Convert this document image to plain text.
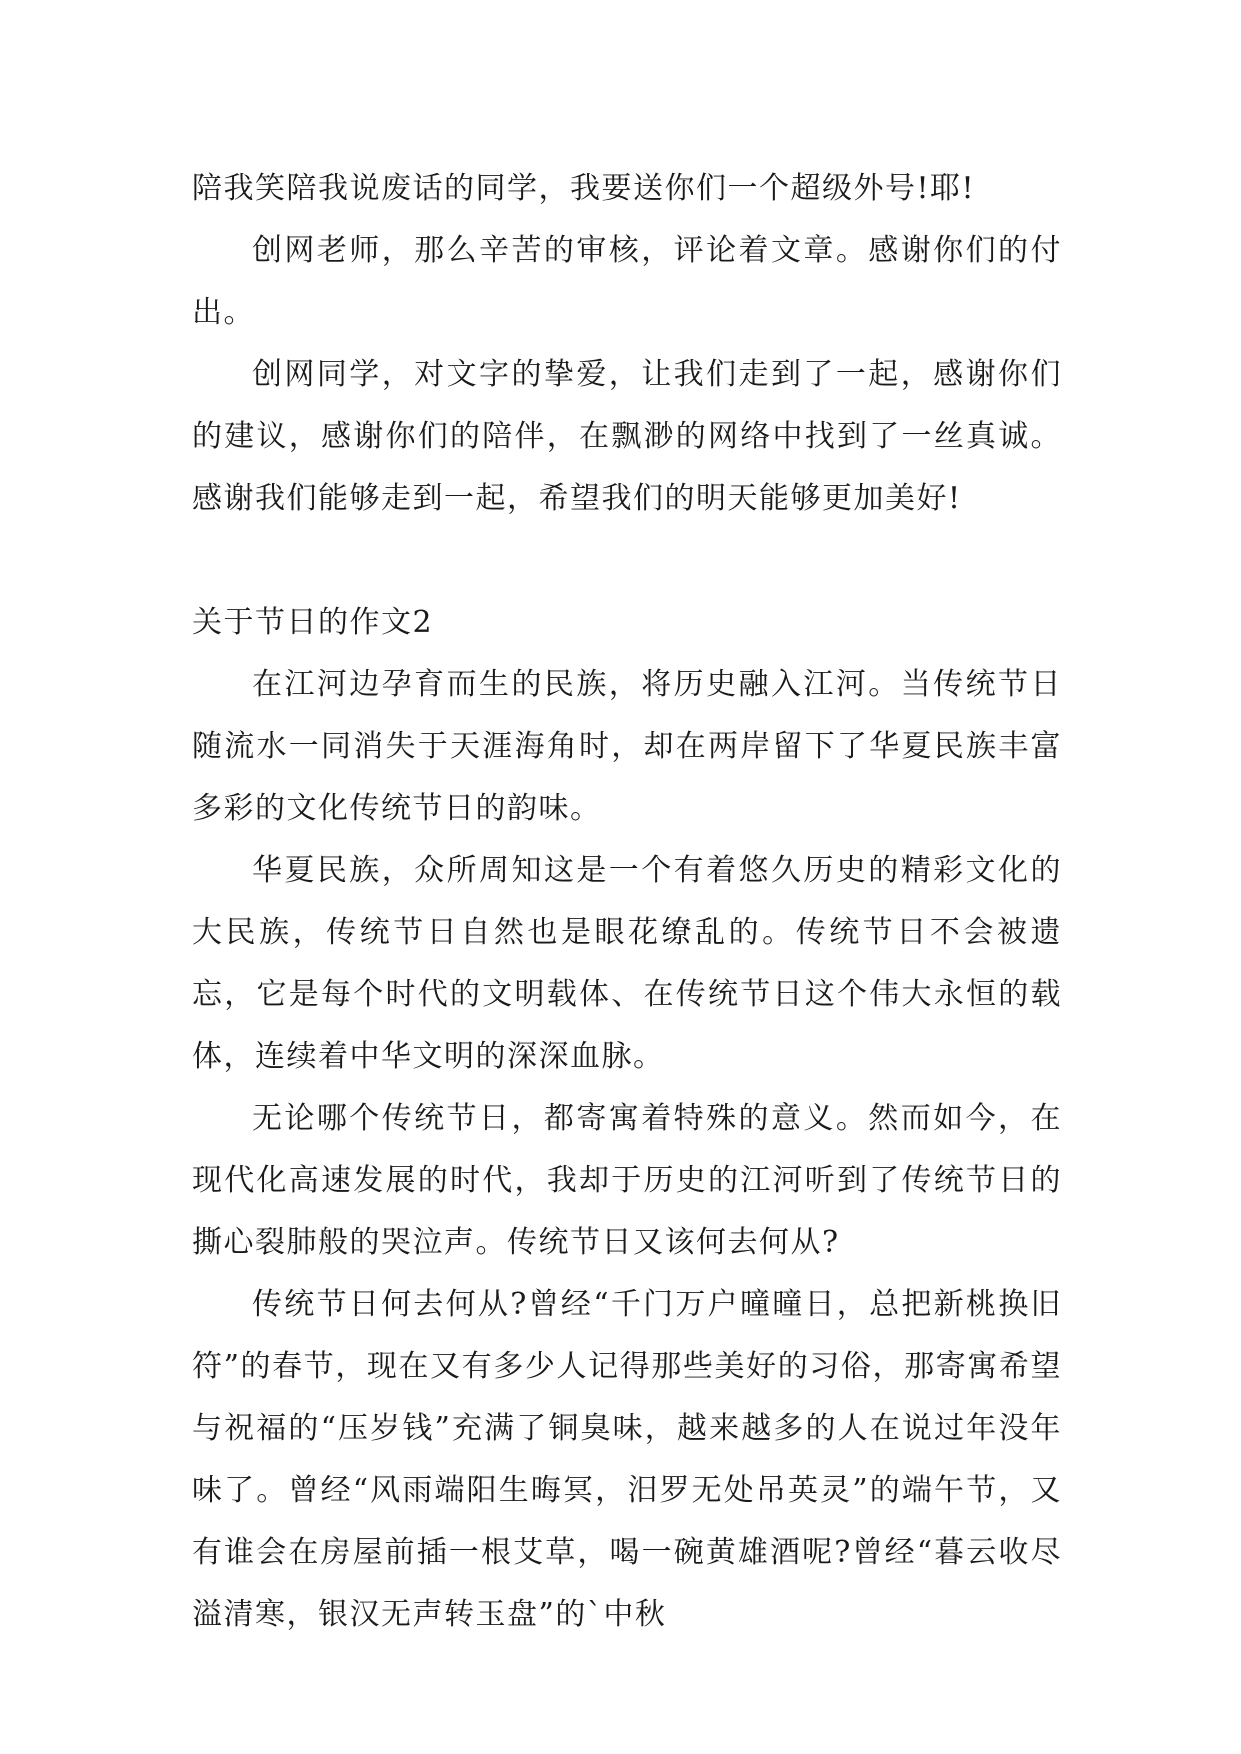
陪我笑陪我说废话的同学，我要送你们一个超级外号!耶!

创网老师，那么辛苦的审核，评论着文章。感谢你们的付出。

创网同学，对文字的挚爱，让我们走到了一起，感谢你们的建议，感谢你们的陪伴，在飘渺的网络中找到了一丝真诚。感谢我们能够走到一起，希望我们的明天能够更加美好!

关于节日的作文2

在江河边孕育而生的民族，将历史融入江河。当传统节日随流水一同消失于天涯海角时，却在两岸留下了华夏民族丰富多彩的文化传统节日的韵味。

华夏民族，众所周知这是一个有着悠久历史的精彩文化的大民族，传统节日自然也是眼花缭乱的。传统节日不会被遗忘，它是每个时代的文明载体、在传统节日这个伟大永恒的载体，连续着中华文明的深深血脉。

无论哪个传统节日，都寄寓着特殊的意义。然而如今，在现代化高速发展的时代，我却于历史的江河听到了传统节日的撕心裂肺般的哭泣声。传统节日又该何去何从?

传统节日何去何从?曾经“千门万户曈曈日，总把新桃换旧符”的春节，现在又有多少人记得那些美好的习俗，那寄寓希望与祝福的“压岁钱”充满了铜臭味，越来越多的人在说过年没年味了。曾经“风雨端阳生晦冥，汨罗无处吊英灵”的端午节，又有谁会在房屋前插一根艾草，喝一碗黄雄酒呢?曾经“暮云收尽溢清寒，银汉无声转玉盘”的`中秋
